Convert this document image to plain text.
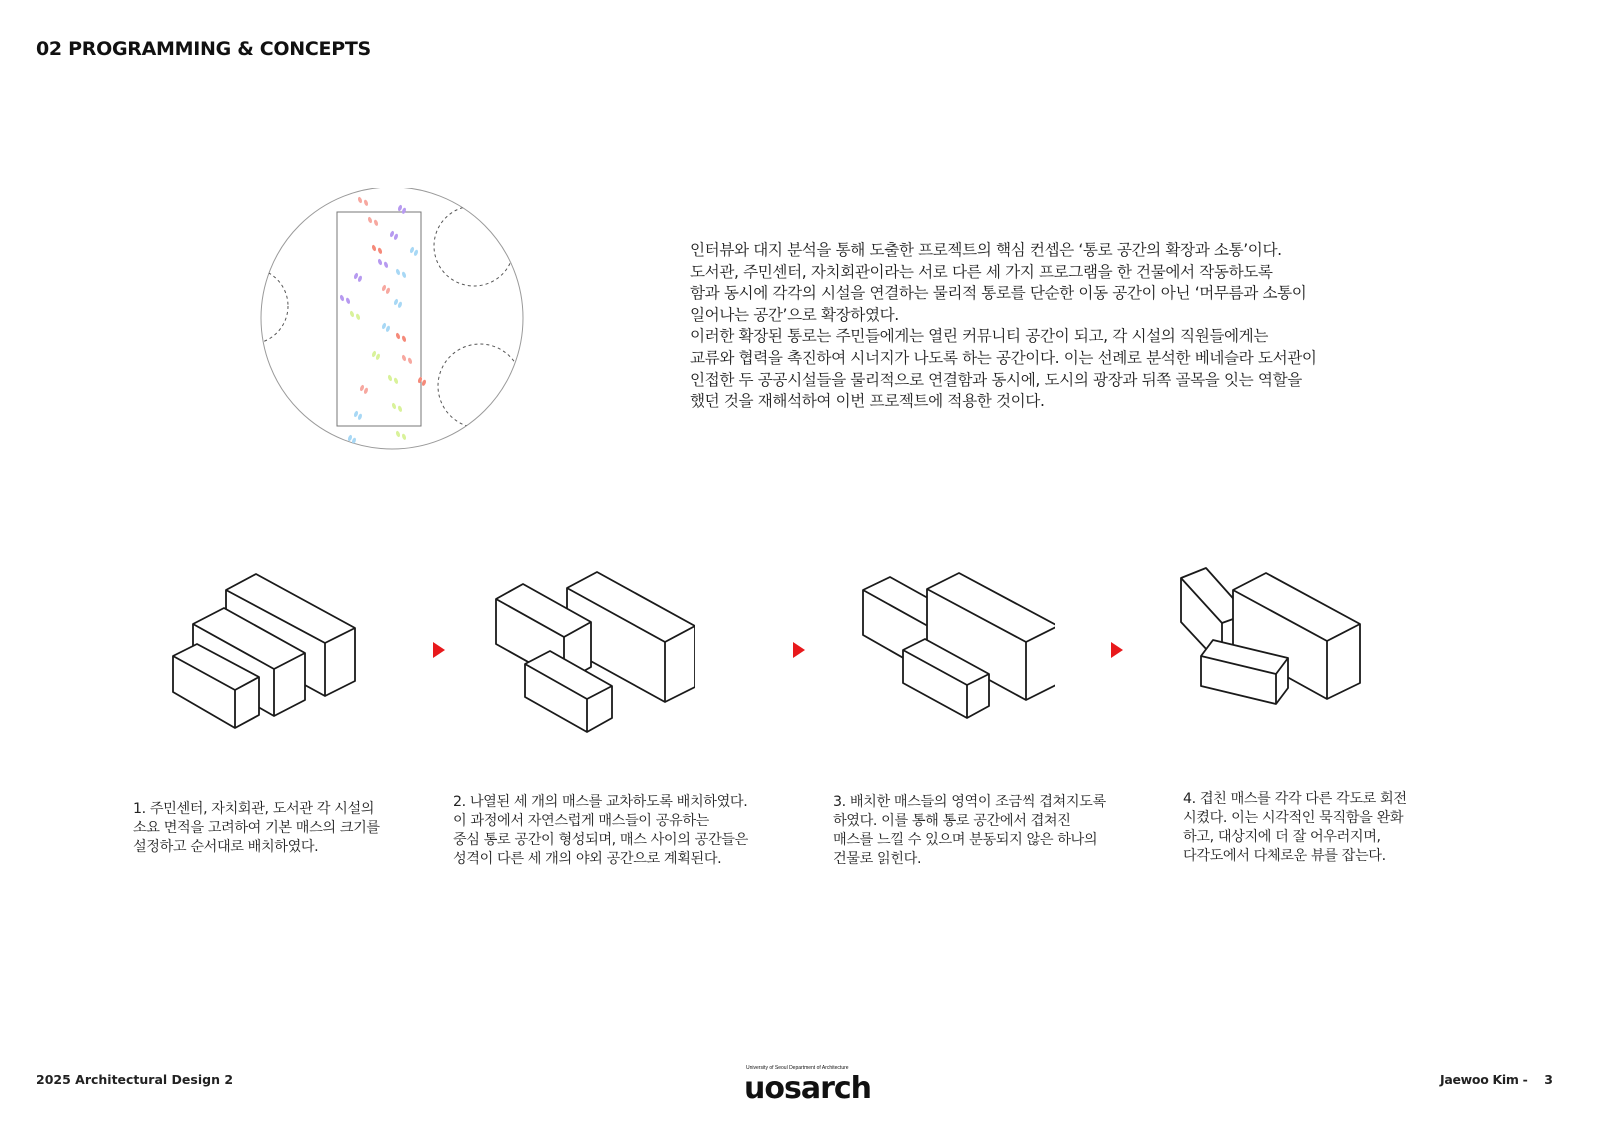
02 PROGRAMMING & CONCEPTS

인터뷰와 대지 분석을 통해 도출한 프로젝트의 핵심 컨셉은 ‘통로 공간의 확장과 소통’이다.

도서관, 주민센터, 자치회관이라는 서로 다른 세 가지 프로그램을 한 건물에서 작동하도록

함과 동시에 각각의 시설을 연결하는 물리적 통로를 단순한 이동 공간이 아닌 ‘머무름과 소통이

일어나는 공간’으로 확장하였다.

이러한 확장된 통로는 주민들에게는 열린 커뮤니티 공간이 되고, 각 시설의 직원들에게는

교류와 협력을 촉진하여 시너지가 나도록 하는 공간이다. 이는 선례로 분석한 베네슬라 도서관이

인접한 두 공공시설들을 물리적으로 연결함과 동시에, 도시의 광장과 뒤쪽 골목을 잇는 역할을

했던 것을 재해석하여 이번 프로젝트에 적용한 것이다.

1. 주민센터, 자치회관, 도서관 각 시설의

소요 면적을 고려하여 기본 매스의 크기를

설정하고 순서대로 배치하였다.

2. 나열된 세 개의 매스를 교차하도록 배치하였다.

이 과정에서 자연스럽게 매스들이 공유하는

중심 통로 공간이 형성되며, 매스 사이의 공간들은

성격이 다른 세 개의 야외 공간으로 계획된다.

3. 배치한 매스들의 영역이 조금씩 겹쳐지도록

하였다. 이를 통해 통로 공간에서 겹쳐진

매스를 느낄 수 있으며 분동되지 않은 하나의

건물로 읽힌다.

4. 겹친 매스를 각각 다른 각도로 회전

시켰다. 이는 시각적인 묵직함을 완화

하고, 대상지에 더 잘 어우러지며,

다각도에서 다체로운 뷰를 잡는다.

2025 Architectural Design 2
University of Seoul Department of Architecture
uosarch	Jaewoo Kim - 3
